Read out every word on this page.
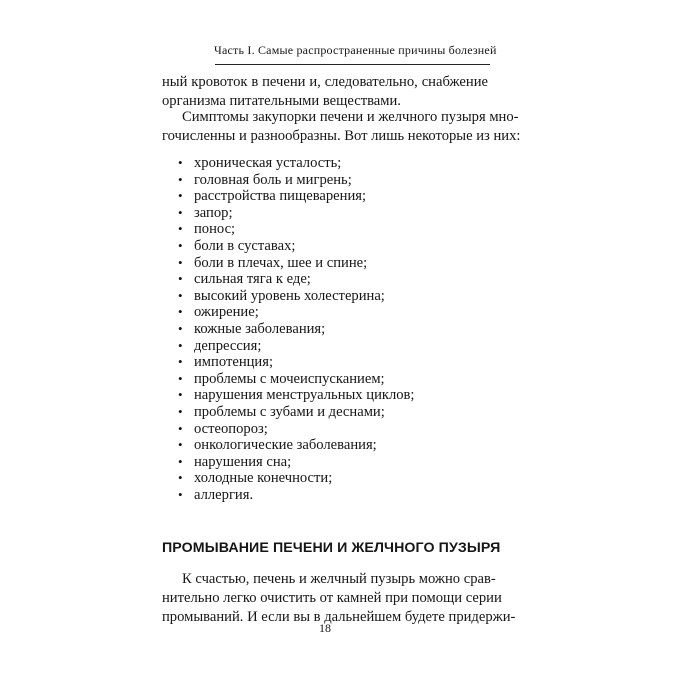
Часть I. Самые распространенные причины болезней
ный кровоток в печени и, следовательно, снабжение
организма питательными веществами.
Симптомы закупорки печени и желчного пузыря мно-
гочисленны и разнообразны. Вот лишь некоторые из них:
• хроническая усталость;
• головная боль и мигрень;
• расстройства пищеварения;
• запор;
• понос;
• боли в суставах;
• боли в плечах, шее и спине;
• сильная тяга к еде;
• высокий уровень холестерина;
• ожирение;
• кожные заболевания;
• депрессия;
• импотенция;
• проблемы с мочеиспусканием;
• нарушения менструальных циклов;
• проблемы с зубами и деснами;
• остеопороз;
• онкологические заболевания;
• нарушения сна;
• холодные конечности;
• аллергия.
ПРОМЫВАНИЕ ПЕЧЕНИ И ЖЕЛЧНОГО ПУЗЫРЯ
К счастью, печень и желчный пузырь можно срав-
нительно легко очистить от камней при помощи серии
промываний. И если вы в дальнейшем будете придержи-
18
